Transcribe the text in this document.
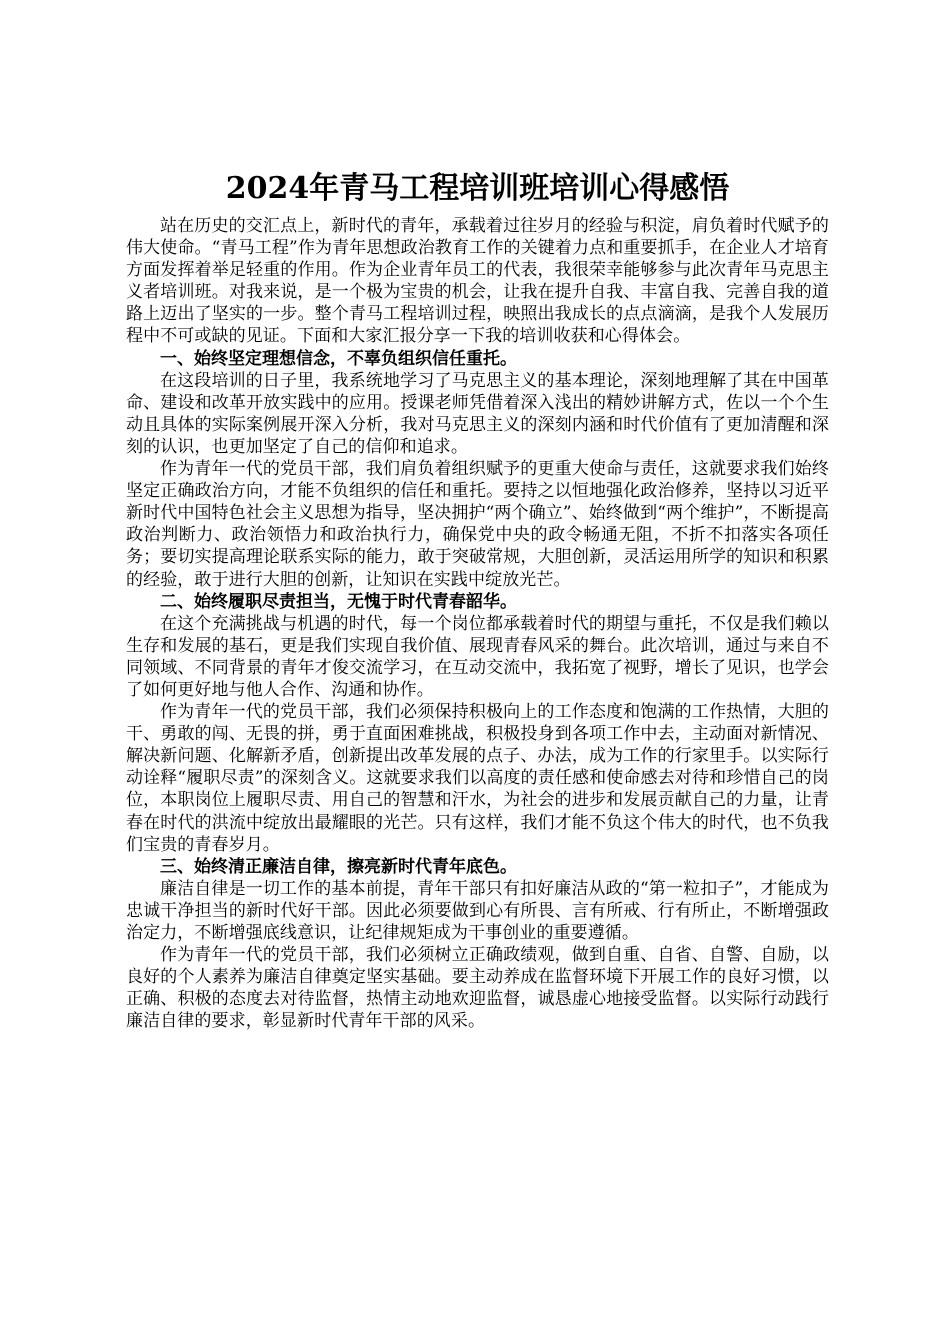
2024年青马工程培训班培训心得感悟

站在历史的交汇点上，新时代的青年，承载着过往岁月的经验与积淀，肩负着时代赋予的伟大使命。“青马工程”作为青年思想政治教育工作的关键着力点和重要抓手，在企业人才培育方面发挥着举足轻重的作用。作为企业青年员工的代表，我很荣幸能够参与此次青年马克思主义者培训班。对我来说，是一个极为宝贵的机会，让我在提升自我、丰富自我、完善自我的道路上迈出了坚实的一步。整个青马工程培训过程，映照出我成长的点点滴滴，是我个人发展历程中不可或缺的见证。下面和大家汇报分享一下我的培训收获和心得体会。

一、始终坚定理想信念，不辜负组织信任重托。

在这段培训的日子里，我系统地学习了马克思主义的基本理论，深刻地理解了其在中国革命、建设和改革开放实践中的应用。授课老师凭借着深入浅出的精妙讲解方式，佐以一个个生动且具体的实际案例展开深入分析，我对马克思主义的深刻内涵和时代价值有了更加清醒和深刻的认识，也更加坚定了自己的信仰和追求。

作为青年一代的党员干部，我们肩负着组织赋予的更重大使命与责任，这就要求我们始终坚定正确政治方向，才能不负组织的信任和重托。要持之以恒地强化政治修养，坚持以习近平新时代中国特色社会主义思想为指导，坚决拥护“两个确立”、始终做到“两个维护”，不断提高政治判断力、政治领悟力和政治执行力，确保党中央的政令畅通无阻，不折不扣落实各项任务；要切实提高理论联系实际的能力，敢于突破常规，大胆创新，灵活运用所学的知识和积累的经验，敢于进行大胆的创新，让知识在实践中绽放光芒。

二、始终履职尽责担当，无愧于时代青春韶华。

在这个充满挑战与机遇的时代，每一个岗位都承载着时代的期望与重托，不仅是我们赖以生存和发展的基石，更是我们实现自我价值、展现青春风采的舞台。此次培训，通过与来自不同领域、不同背景的青年才俊交流学习，在互动交流中，我拓宽了视野，增长了见识，也学会了如何更好地与他人合作、沟通和协作。

作为青年一代的党员干部，我们必须保持积极向上的工作态度和饱满的工作热情，大胆的干、勇敢的闯、无畏的拼，勇于直面困难挑战，积极投身到各项工作中去，主动面对新情况、解决新问题、化解新矛盾，创新提出改革发展的点子、办法，成为工作的行家里手。以实际行动诠释“履职尽责”的深刻含义。这就要求我们以高度的责任感和使命感去对待和珍惜自己的岗位，本职岗位上履职尽责、用自己的智慧和汗水，为社会的进步和发展贡献自己的力量，让青春在时代的洪流中绽放出最耀眼的光芒。只有这样，我们才能不负这个伟大的时代，也不负我们宝贵的青春岁月。

三、始终清正廉洁自律，擦亮新时代青年底色。

廉洁自律是一切工作的基本前提，青年干部只有扣好廉洁从政的“第一粒扣子”，才能成为忠诚干净担当的新时代好干部。因此必须要做到心有所畏、言有所戒、行有所止，不断增强政治定力，不断增强底线意识，让纪律规矩成为干事创业的重要遵循。

作为青年一代的党员干部，我们必须树立正确政绩观，做到自重、自省、自警、自励，以良好的个人素养为廉洁自律奠定坚实基础。要主动养成在监督环境下开展工作的良好习惯，以正确、积极的态度去对待监督，热情主动地欢迎监督，诚恳虚心地接受监督。以实际行动践行廉洁自律的要求，彰显新时代青年干部的风采。
